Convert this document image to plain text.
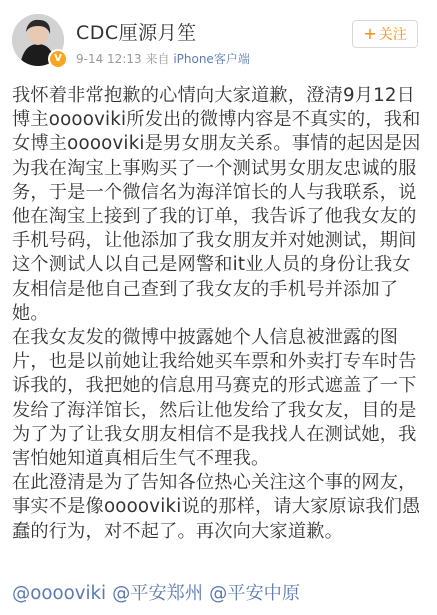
V
CDC厘源月笙
9-14 12:13 来自 iPhone客户端
+ 关注

我怀着非常抱歉的心情向大家道歉，澄清9月12日博主ooooviki所发出的微博内容是不真实的，我和女博主ooooviki是男女朋友关系。事情的起因是因为我在淘宝上事购买了一个测试男女朋友忠诚的服务，于是一个微信名为海洋馆长的人与我联系，说他在淘宝上接到了我的订单，我告诉了他我女友的手机号码，让他添加了我女朋友并对她测试，期间这个测试人以自己是网警和it业人员的身份让我女友相信是他自己查到了我女友的手机号并添加了她。

在我女友发的微博中披露她个人信息被泄露的图片，也是以前她让我给她买车票和外卖打专车时告诉我的，我把她的信息用马赛克的形式遮盖了一下发给了海洋馆长，然后让他发给了我女友，目的是为了为了让我女朋友相信不是我找人在测试她，我害怕她知道真相后生气不理我。

在此澄清是为了告知各位热心关注这个事的网友，事实不是像ooooviki说的那样，请大家原谅我们愚蠢的行为，对不起了。再次向大家道歉。

@ooooviki @平安郑州 @平安中原
